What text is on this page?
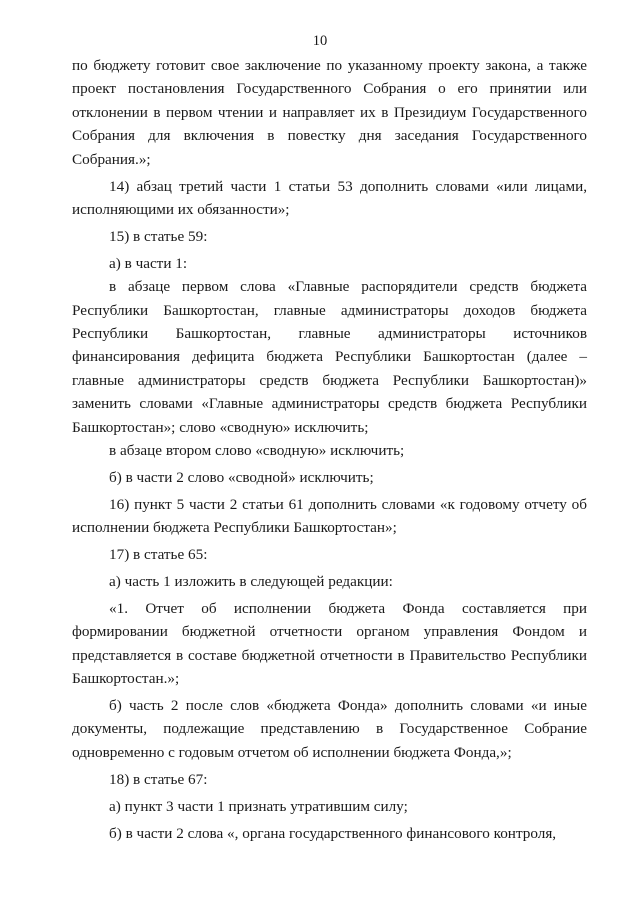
10

по бюджету готовит свое заключение по указанному проекту закона, а также проект постановления Государственного Собрания о его принятии или отклонении в первом чтении и направляет их в Президиум Государственного Собрания для включения в повестку дня заседания Государственного Собрания.»;

14) абзац третий части 1 статьи 53 дополнить словами «или лицами, исполняющими их обязанности»;

15) в статье 59:

а) в части 1:

в абзаце первом слова «Главные распорядители средств бюджета Республики Башкортостан, главные администраторы доходов бюджета Республики Башкортостан, главные администраторы источников финансирования дефицита бюджета Республики Башкортостан (далее – главные администраторы средств бюджета Республики Башкортостан)» заменить словами «Главные администраторы средств бюджета Республики Башкортостан»; слово «сводную» исключить;

в абзаце втором слово «сводную» исключить;

б) в части 2 слово «сводной» исключить;

16) пункт 5 части 2 статьи 61 дополнить словами «к годовому отчету об исполнении бюджета Республики Башкортостан»;

17) в статье 65:

а) часть 1 изложить в следующей редакции:

«1. Отчет об исполнении бюджета Фонда составляется при формировании бюджетной отчетности органом управления Фондом и представляется в составе бюджетной отчетности в Правительство Республики Башкортостан.»;

б) часть 2 после слов «бюджета Фонда» дополнить словами «и иные документы, подлежащие представлению в Государственное Собрание одновременно с годовым отчетом об исполнении бюджета Фонда,»;

18) в статье 67:

а) пункт 3 части 1 признать утратившим силу;

б) в части 2 слова «, органа государственного финансового контроля,
